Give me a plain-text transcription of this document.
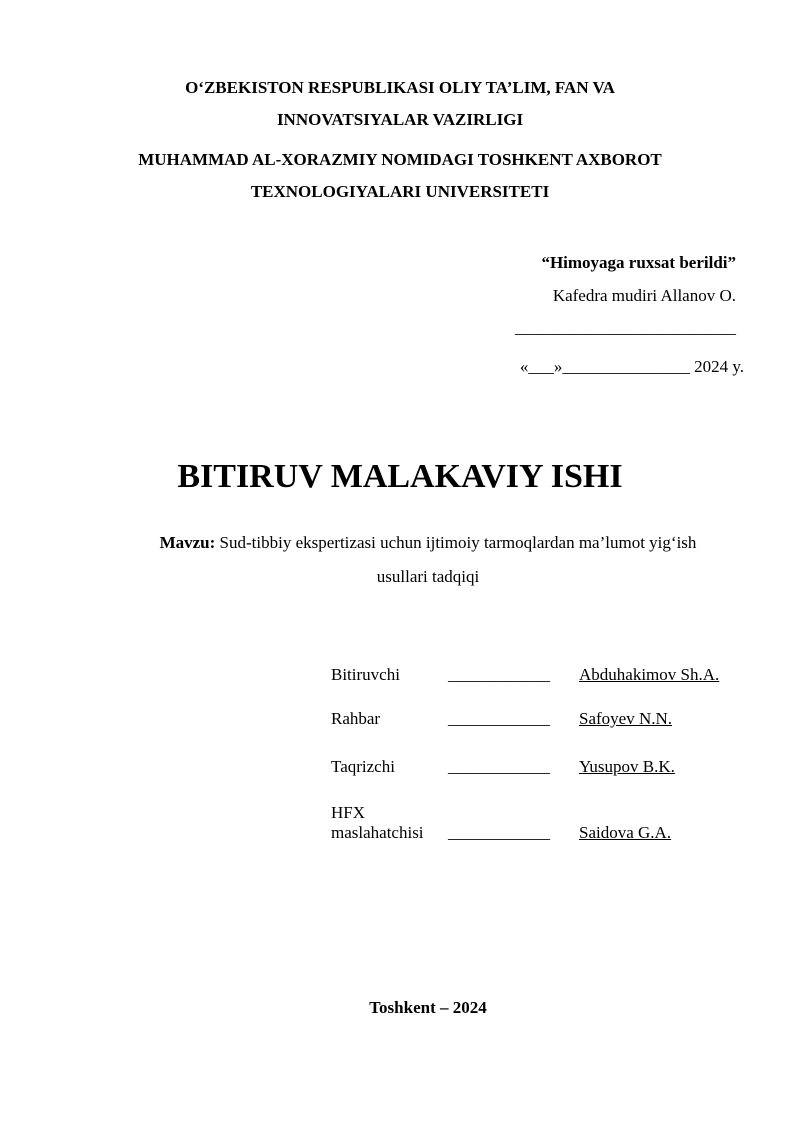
O‘ZBEKISTON RESPUBLIKASI OLIY TA’LIM, FAN VA
INNOVATSIYALAR VAZIRLIGI
MUHAMMAD AL-XORAZMIY NOMIDAGI TOSHKENT AXBOROT
TEXNOLOGIYALARI UNIVERSITETI
“Himoyaga ruxsat berildi”
Kafedra mudiri Allanov O.
__________________________
«___»_______________ 2024 y.
BITIRUV MALAKAVIY ISHI
Mavzu: Sud-tibbiy ekspertizasi uchun ijtimoiy tarmoqlardan ma’lumot yig‘ish
usullari tadqiqi
Bitiruvchi	____________ Abduhakimov Sh.A.
Rahbar	____________ Safoyev N.N.
Taqrizchi	____________ Yusupov B.K.
HFX
maslahatchisi	____________ Saidova G.A.
Toshkent – 2024
